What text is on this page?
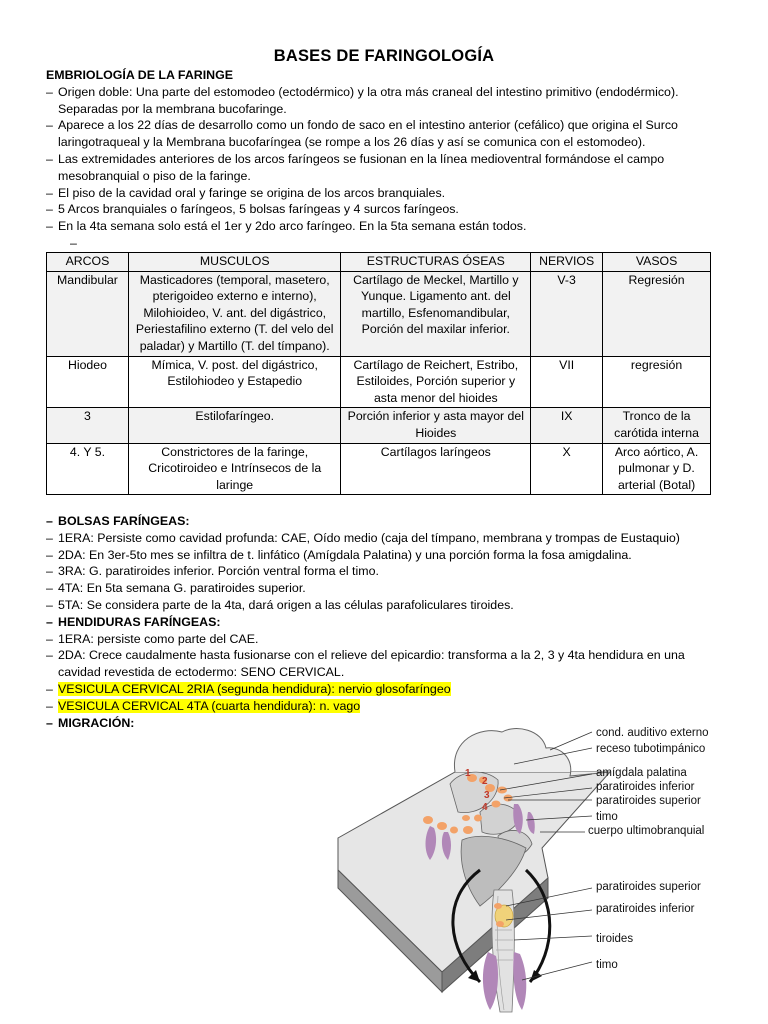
BASES DE FARINGOLOGÍA
EMBRIOLOGÍA DE LA FARINGE
– Origen doble: Una parte del estomodeo (ectodérmico) y la otra más craneal del intestino primitivo (endodérmico).
Separadas por la membrana bucofaringe.
– Aparece a los 22 días de desarrollo como un fondo de saco en el intestino anterior (cefálico) que origina el Surco
laringotraqueal y la Membrana bucofaríngea (se rompe a los 26 días y así se comunica con el estomodeo).
– Las extremidades anteriores de los arcos faríngeos se fusionan en la línea medioventral formándose el campo
mesobranquial o piso de la faringe.
– El piso de la cavidad oral y faringe se origina de los arcos branquiales.
– 5 Arcos branquiales o faríngeos, 5 bolsas faríngeas y 4 surcos faríngeos.
– En la 4ta semana solo está el 1er y 2do arco faríngeo. En la 5ta semana están todos.
–

ARCOS	MUSCULOS	ESTRUCTURAS ÓSEAS	NERVIOS	VASOS
Mandibular	Masticadores (temporal, masetero, pterigoideo externo e interno), Milohioideo, V. ant. del digástrico, Periestafilino externo (T. del velo del paladar) y Martillo (T. del tímpano).	Cartílago de Meckel, Martillo y Yunque. Ligamento ant. del martillo, Esfenomandibular, Porción del maxilar inferior.	V-3	Regresión
Hiodeo	Mímica, V. post. del digástrico, Estilohiodeo y Estapedio	Cartílago de Reichert, Estribo, Estiloides, Porción superior y asta menor del hioides	VII	regresión
3	Estilofaríngeo.	Porción inferior y asta mayor del Hioides	IX	Tronco de la carótida interna
4. Y 5.	Constrictores de la faringe, Cricotiroideo e Intrínsecos de la laringe	Cartílagos laríngeos	X	Arco aórtico, A. pulmonar y D. arterial (Botal)
– BOLSAS FARÍNGEAS:
– 1ERA: Persiste como cavidad profunda: CAE, Oído medio (caja del tímpano, membrana y trompas de Eustaquio)
– 2DA: En 3er-5to mes se infiltra de t. linfático (Amígdala Palatina) y una porción forma la fosa amigdalina.
– 3RA: G. paratiroides inferior. Porción ventral forma el timo.
– 4TA: En 5ta semana G. paratiroides superior.
– 5TA: Se considera parte de la 4ta, dará origen a las células parafoliculares tiroides.
– HENDIDURAS FARÍNGEAS:
– 1ERA: persiste como parte del CAE.
– 2DA: Crece caudalmente hasta fusionarse con el relieve del epicardio: transforma a la 2, 3 y 4ta hendidura en una
cavidad revestida de ectodermo: SENO CERVICAL.
– VESICULA CERVICAL 2RIA (segunda hendidura): nervio glosofaríngeo
– VESICULA CERVICAL 4TA (cuarta hendidura): n. vago
– MIGRACIÓN:
1
2
3
4
cond. auditivo externo
receso tubotimpánico
amígdala palatina
paratiroides inferior
paratiroides superior
timo
cuerpo ultimobranquial
paratiroides superior
paratiroides inferior
tiroides
timo
